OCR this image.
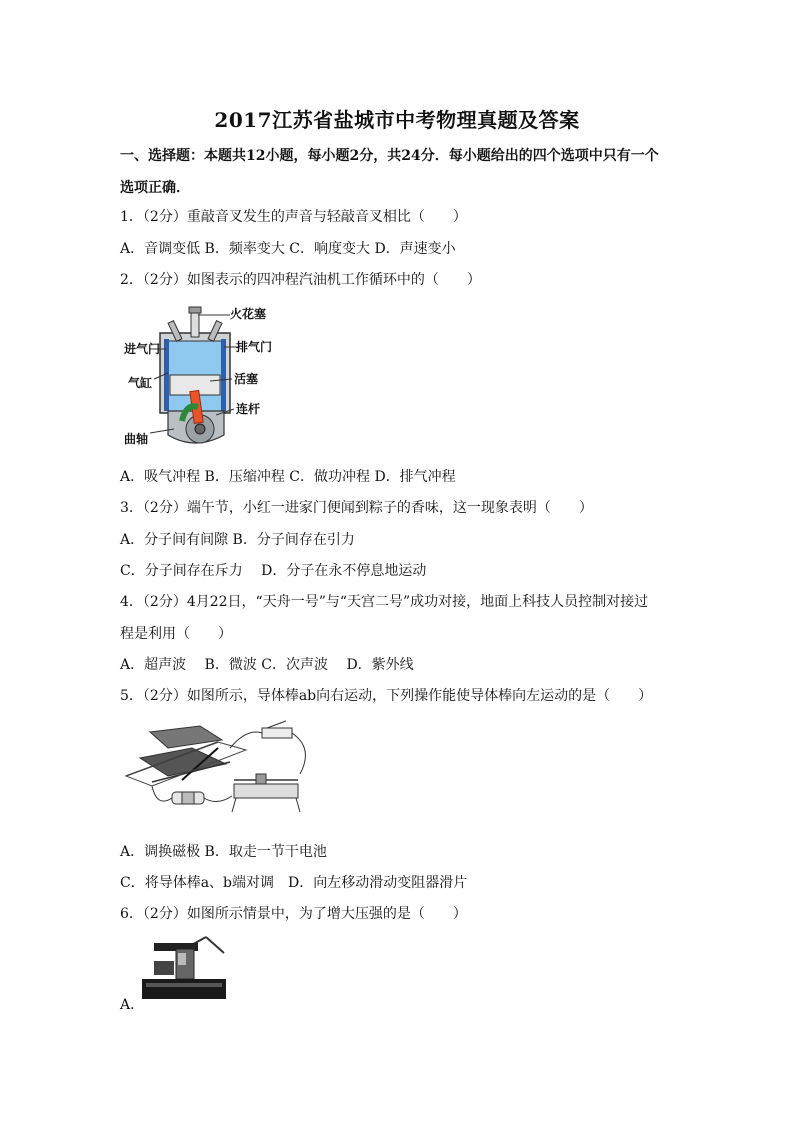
2017江苏省盐城市中考物理真题及答案
一、选择题：本题共12小题，每小题2分，共24分．每小题给出的四个选项中只有一个
选项正确．
1．（2分）重敲音叉发生的声音与轻敲音叉相比（　　）
A．音调变低 B．频率变大 C．响度变大 D．声速变小
2．（2分）如图表示的四冲程汽油机工作循环中的（　　）
火花塞
进气门	排气门
气缸	活塞
连杆
曲轴
A．吸气冲程 B．压缩冲程 C．做功冲程 D．排气冲程
3．（2分）端午节，小红一进家门便闻到粽子的香味，这一现象表明（　　）
A．分子间有间隙 B．分子间存在引力
C．分子间存在斥力　 D．分子在永不停息地运动
4．（2分）4月22日，“天舟一号”与“天宫二号”成功对接，地面上科技人员控制对接过
程是利用（　　）
A．超声波　 B．微波 C．次声波　 D．紫外线
5．（2分）如图所示，导体棒ab向右运动，下列操作能使导体棒向左运动的是（　　）
A．调换磁极 B．取走一节干电池
C．将导体棒a、b端对调　D．向左移动滑动变阻器滑片
6．（2分）如图所示情景中，为了增大压强的是（　　）
A．
